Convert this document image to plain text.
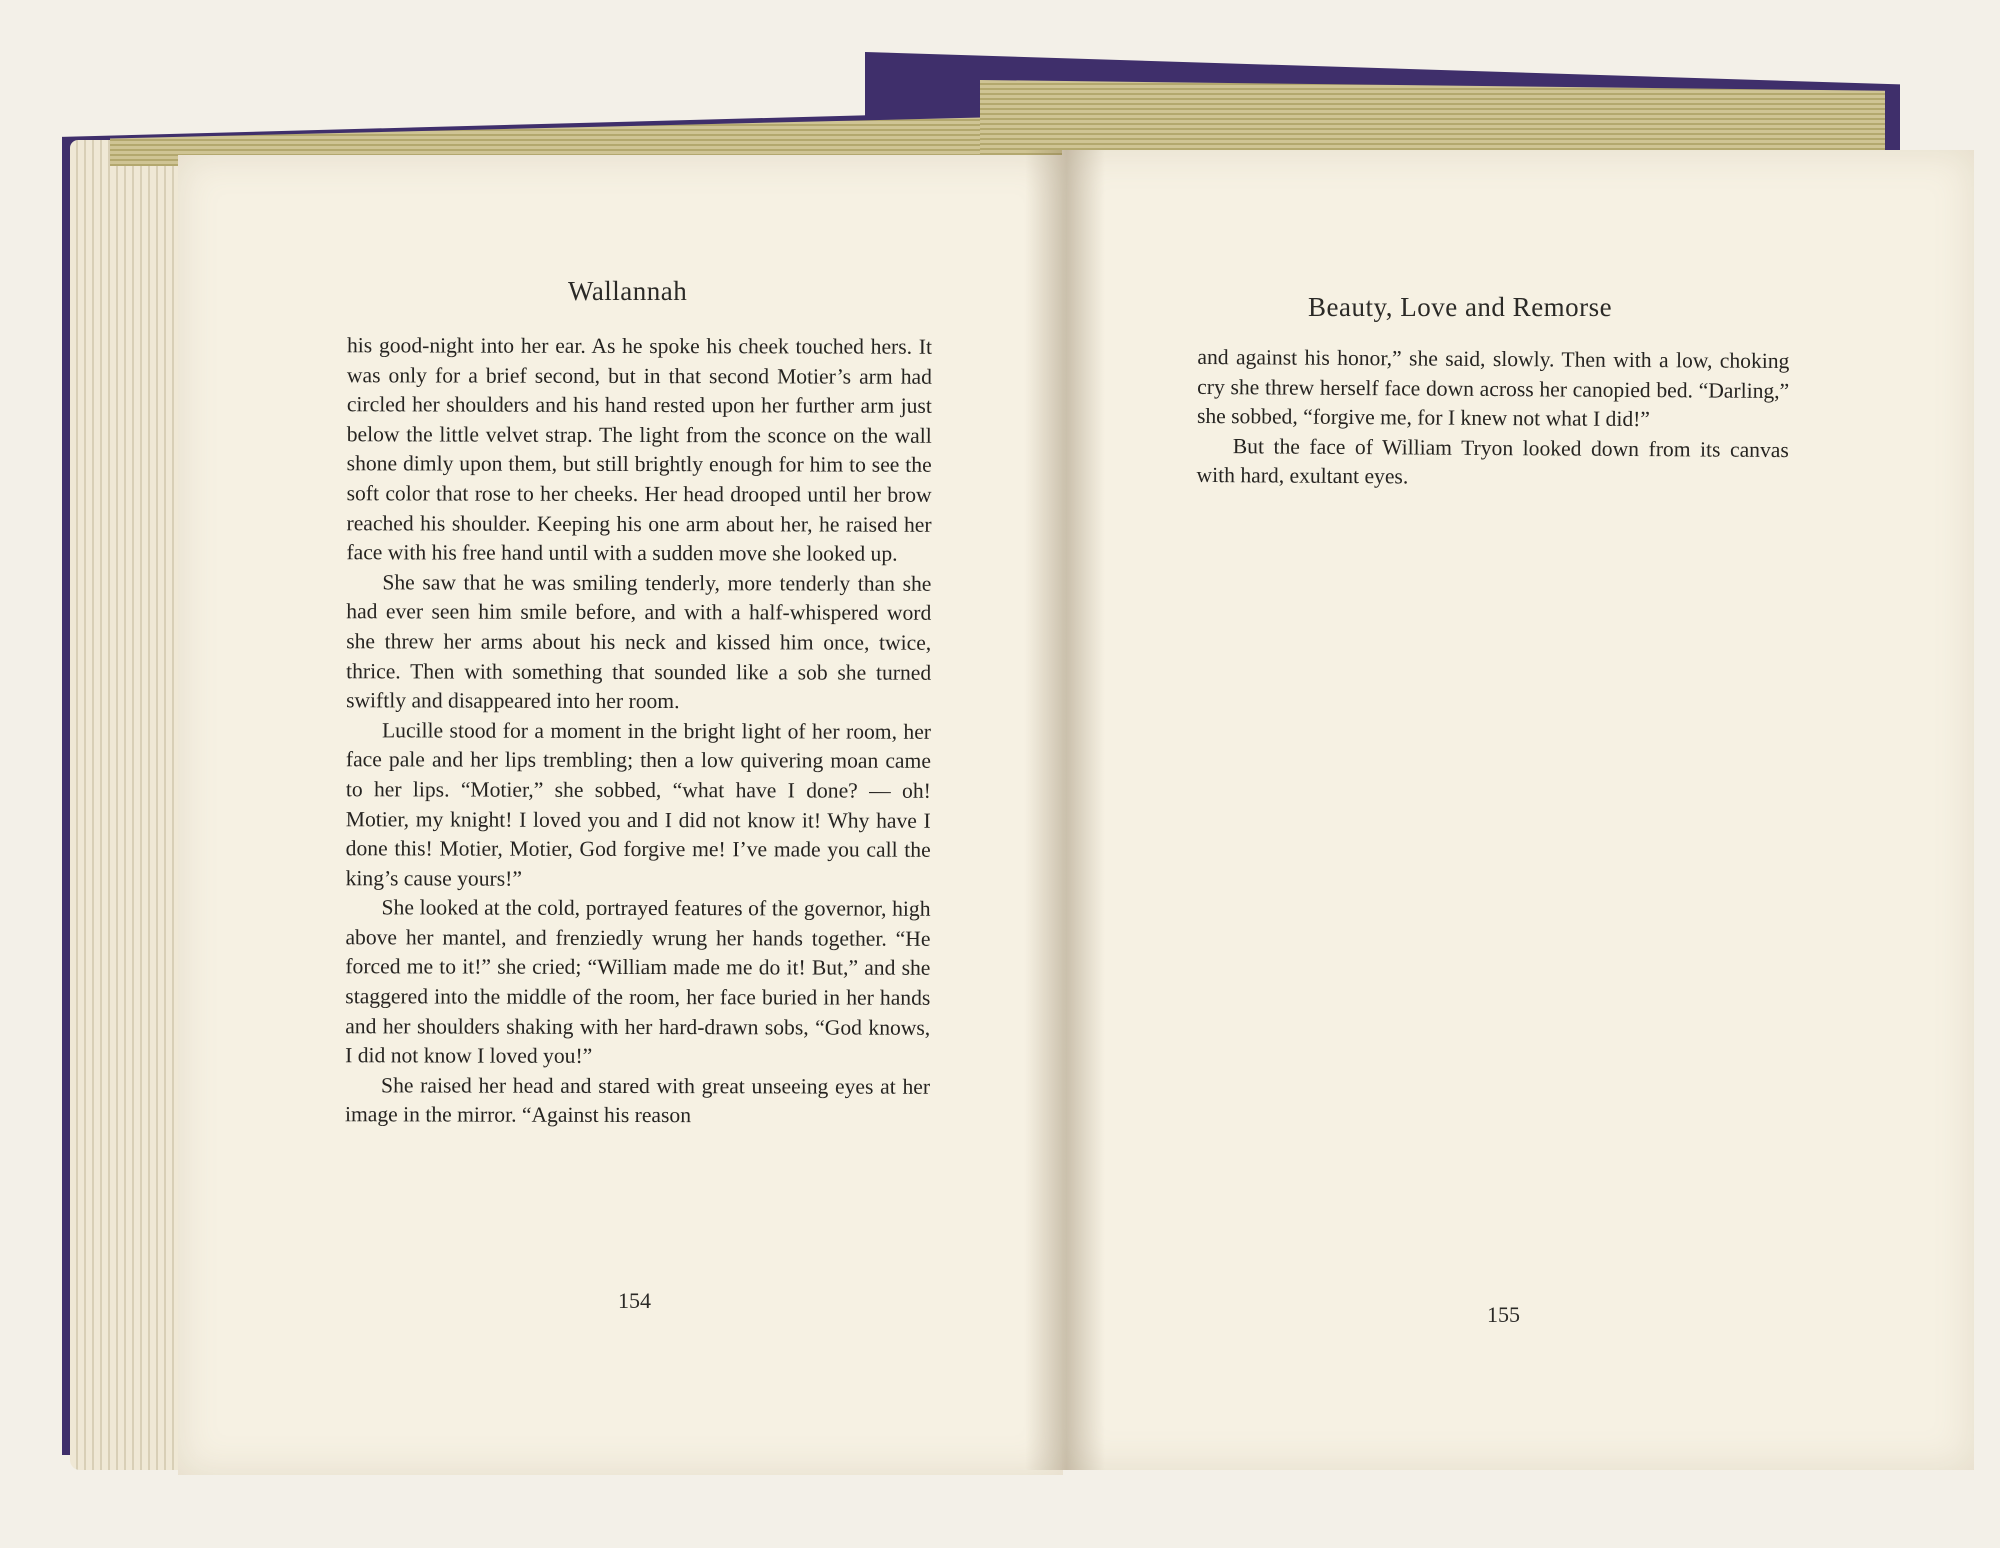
Wallannah

his good-night into her ear. As he spoke his cheek touched hers. It was only for a brief second, but in that second Motier’s arm had circled her shoulders and his hand rested upon her further arm just below the little velvet strap. The light from the sconce on the wall shone dimly upon them, but still brightly enough for him to see the soft color that rose to her cheeks. Her head drooped until her brow reached his shoulder. Keeping his one arm about her, he raised her face with his free hand until with a sudden move she looked up.

She saw that he was smiling tenderly, more tenderly than she had ever seen him smile before, and with a half-whispered word she threw her arms about his neck and kissed him once, twice, thrice. Then with something that sounded like a sob she turned swiftly and disappeared into her room.

Lucille stood for a moment in the bright light of her room, her face pale and her lips trembling; then a low quivering moan came to her lips. “Motier,” she sobbed, “what have I done? — oh! Motier, my knight! I loved you and I did not know it! Why have I done this! Motier, Motier, God forgive me! I’ve made you call the king’s cause yours!”

She looked at the cold, portrayed features of the governor, high above her mantel, and frenziedly wrung her hands together. “He forced me to it!” she cried; “William made me do it! But,” and she staggered into the middle of the room, her face buried in her hands and her shoulders shaking with her hard-drawn sobs, “God knows, I did not know I loved you!”

She raised her head and stared with great unseeing eyes at her image in the mirror. “Against his reason

154
Beauty, Love and Remorse

and against his honor,” she said, slowly. Then with a low, choking cry she threw herself face down across her canopied bed. “Darling,” she sobbed, “forgive me, for I knew not what I did!”

But the face of William Tryon looked down from its canvas with hard, exultant eyes.

155
